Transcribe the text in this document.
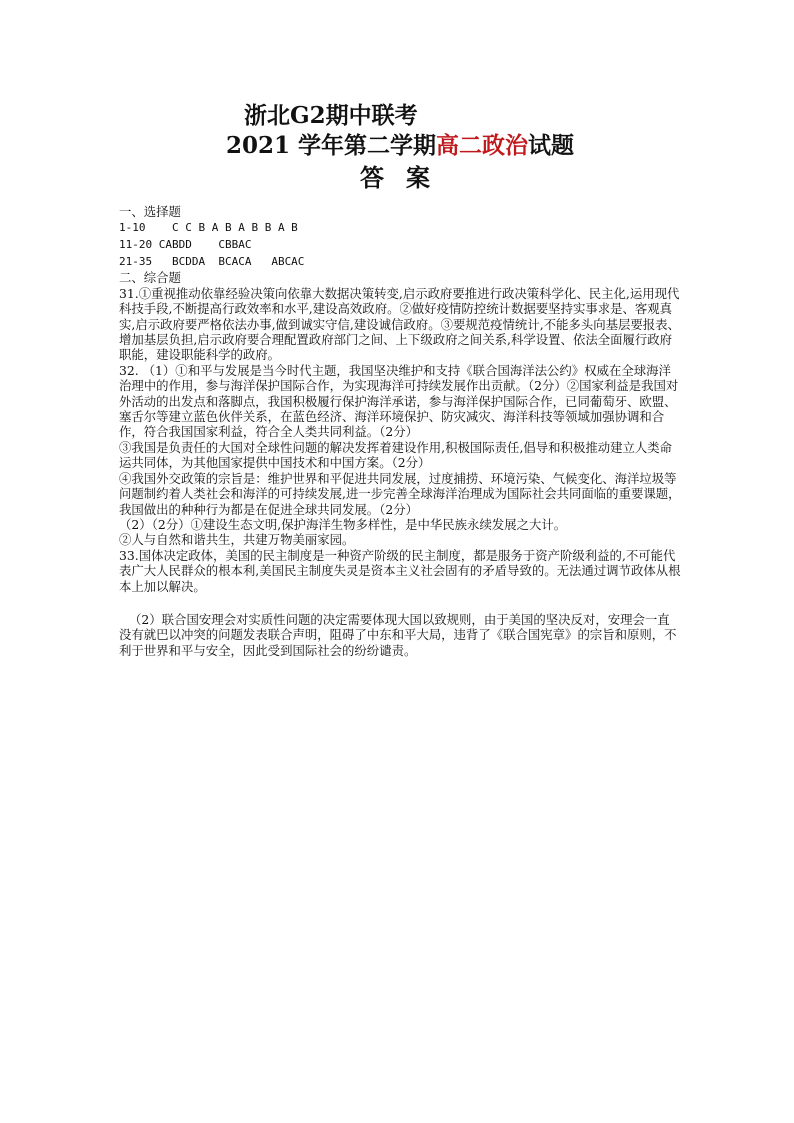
浙北G2期中联考
2021 学年第二学期高二政治试题
答案

一、选择题

1-10    C C B A B A B B A B

11-20 CABDD    CBBAC

21-35   BCDDA  BCACA   ABCAC

二、综合题

31.①重视推动依靠经验决策向依靠大数据决策转变,启示政府要推进行政决策科学化、民主化,运用现代科技手段,不断提高行政效率和水平,建设高效政府。②做好疫情防控统计数据要坚持实事求是、客观真实,启示政府要严格依法办事,做到诚实守信,建设诚信政府。③要规范疫情统计,不能多头向基层要报表、增加基层负担,启示政府要合理配置政府部门之间、上下级政府之间关系,科学设置、依法全面履行政府职能，建设职能科学的政府。

32. （1）①和平与发展是当今时代主题，我国坚决维护和支持《联合国海洋法公约》权威在全球海洋治理中的作用，参与海洋保护国际合作，为实现海洋可持续发展作出贡献。（2分）②国家利益是我国对外活动的出发点和落脚点，我国积极履行保护海洋承诺，参与海洋保护国际合作，已同葡萄牙、欧盟、塞舌尔等建立蓝色伙伴关系，在蓝色经济、海洋环境保护、防灾减灾、海洋科技等领域加强协调和合作，符合我国国家利益，符合全人类共同利益。（2分）

③我国是负责任的大国对全球性问题的解决发挥着建设作用,积极国际责任,倡导和积极推动建立人类命运共同体，为其他国家提供中国技术和中国方案。（2分）

④我国外交政策的宗旨是：维护世界和平促进共同发展，过度捕捞、环境污染、气候变化、海洋垃圾等问题制约着人类社会和海洋的可持续发展,进一步完善全球海洋治理成为国际社会共同面临的重要课题，我国做出的种种行为都是在促进全球共同发展。（2分）

（2）（2分）①建设生态文明,保护海洋生物多样性，是中华民族永续发展之大计。

②人与自然和谐共生，共建万物美丽家园。

33.国体决定政体，美国的民主制度是一种资产阶级的民主制度，都是服务于资产阶级利益的,不可能代表广大人民群众的根本利,美国民主制度失灵是资本主义社会固有的矛盾导致的。无法通过调节政体从根本上加以解决。

（2）联合国安理会对实质性问题的决定需要体现大国以致规则，由于美国的坚决反对，安理会一直没有就巴以冲突的问题发表联合声明，阻碍了中东和平大局，违背了《联合国宪章》的宗旨和原则，不利于世界和平与安全，因此受到国际社会的纷纷谴责。
